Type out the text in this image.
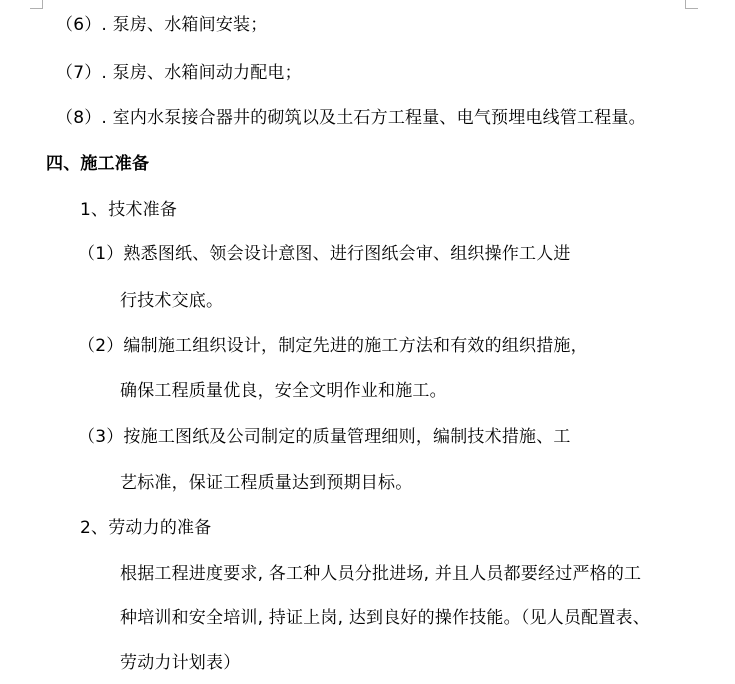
（6）. 泵房、水箱间安装；
（7）. 泵房、水箱间动力配电；
（8）. 室内水泵接合器井的砌筑以及土石方工程量、电气预埋电线管工程量。
四、施工准备
1、技术准备
（1）熟悉图纸、领会设计意图、进行图纸会审、组织操作工人进
行技术交底。
（2）编制施工组织设计，制定先进的施工方法和有效的组织措施，
确保工程质量优良，安全文明作业和施工。
（3）按施工图纸及公司制定的质量管理细则，编制技术措施、工
艺标准，保证工程质量达到预期目标。
2、劳动力的准备
根据工程进度要求, 各工种人员分批进场, 并且人员都要经过严格的工
种培训和安全培训, 持证上岗, 达到良好的操作技能。（见人员配置表、
劳动力计划表）
